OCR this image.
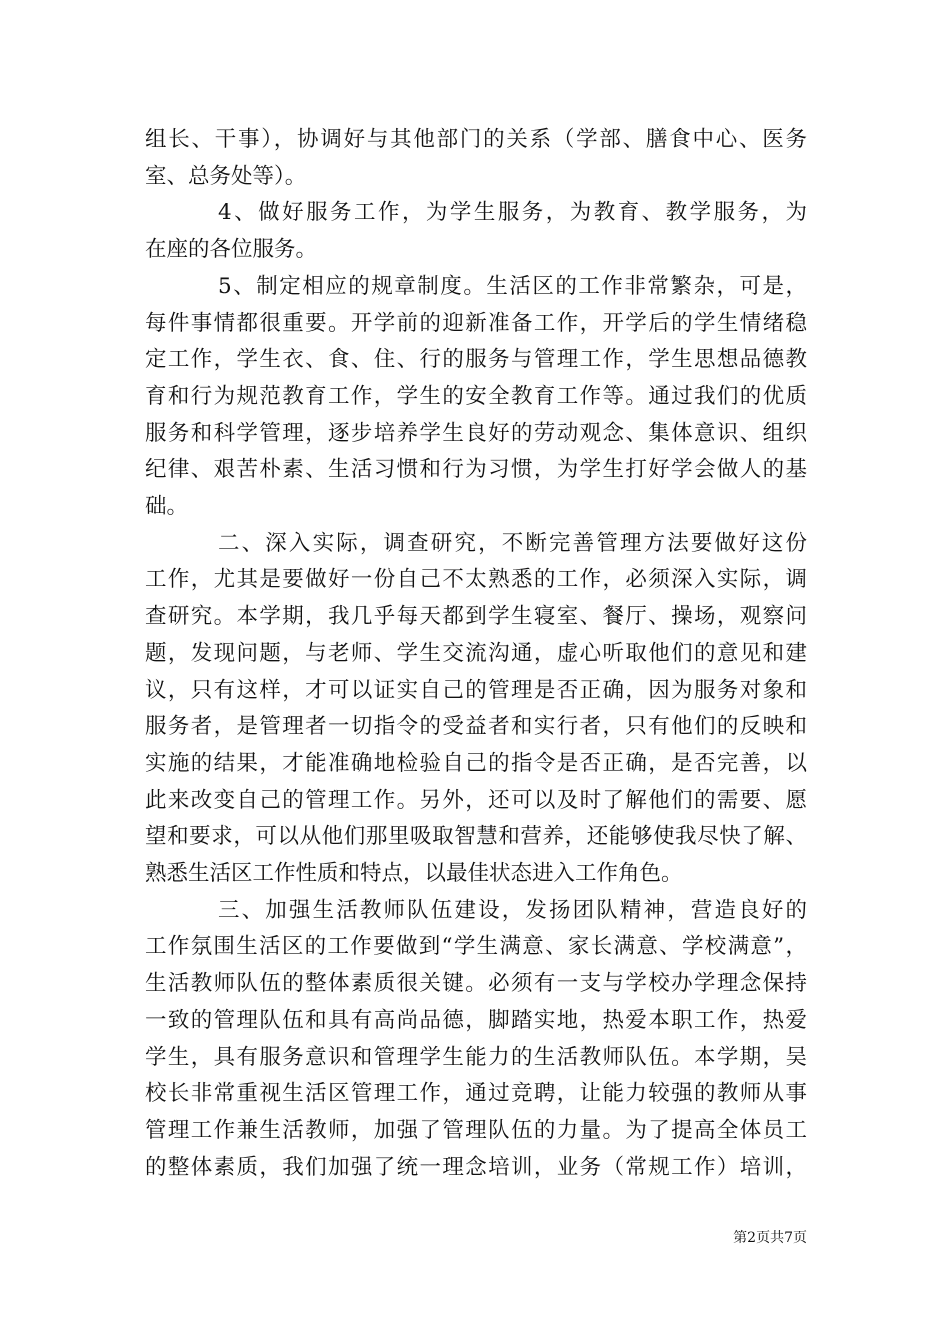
组长、干事），协调好与其他部门的关系（学部、膳食中心、医务
室、总务处等）。
4、做好服务工作，为学生服务，为教育、教学服务，为
在座的各位服务。
5、制定相应的规章制度。生活区的工作非常繁杂，可是，
每件事情都很重要。开学前的迎新准备工作，开学后的学生情绪稳
定工作，学生衣、食、住、行的服务与管理工作，学生思想品德教
育和行为规范教育工作，学生的安全教育工作等。通过我们的优质
服务和科学管理，逐步培养学生良好的劳动观念、集体意识、组织
纪律、艰苦朴素、生活习惯和行为习惯，为学生打好学会做人的基
础。
二、深入实际，调查研究，不断完善管理方法要做好这份
工作，尤其是要做好一份自己不太熟悉的工作，必须深入实际，调
查研究。本学期，我几乎每天都到学生寝室、餐厅、操场，观察问
题，发现问题，与老师、学生交流沟通，虚心听取他们的意见和建
议，只有这样，才可以证实自己的管理是否正确，因为服务对象和
服务者，是管理者一切指令的受益者和实行者，只有他们的反映和
实施的结果，才能准确地检验自己的指令是否正确，是否完善，以
此来改变自己的管理工作。另外，还可以及时了解他们的需要、愿
望和要求，可以从他们那里吸取智慧和营养，还能够使我尽快了解、
熟悉生活区工作性质和特点，以最佳状态进入工作角色。
三、加强生活教师队伍建设，发扬团队精神，营造良好的
工作氛围生活区的工作要做到“学生满意、家长满意、学校满意”，
生活教师队伍的整体素质很关键。必须有一支与学校办学理念保持
一致的管理队伍和具有高尚品德，脚踏实地，热爱本职工作，热爱
学生，具有服务意识和管理学生能力的生活教师队伍。本学期，吴
校长非常重视生活区管理工作，通过竞聘，让能力较强的教师从事
管理工作兼生活教师，加强了管理队伍的力量。为了提高全体员工
的整体素质，我们加强了统一理念培训，业务（常规工作）培训，
第2页共7页
